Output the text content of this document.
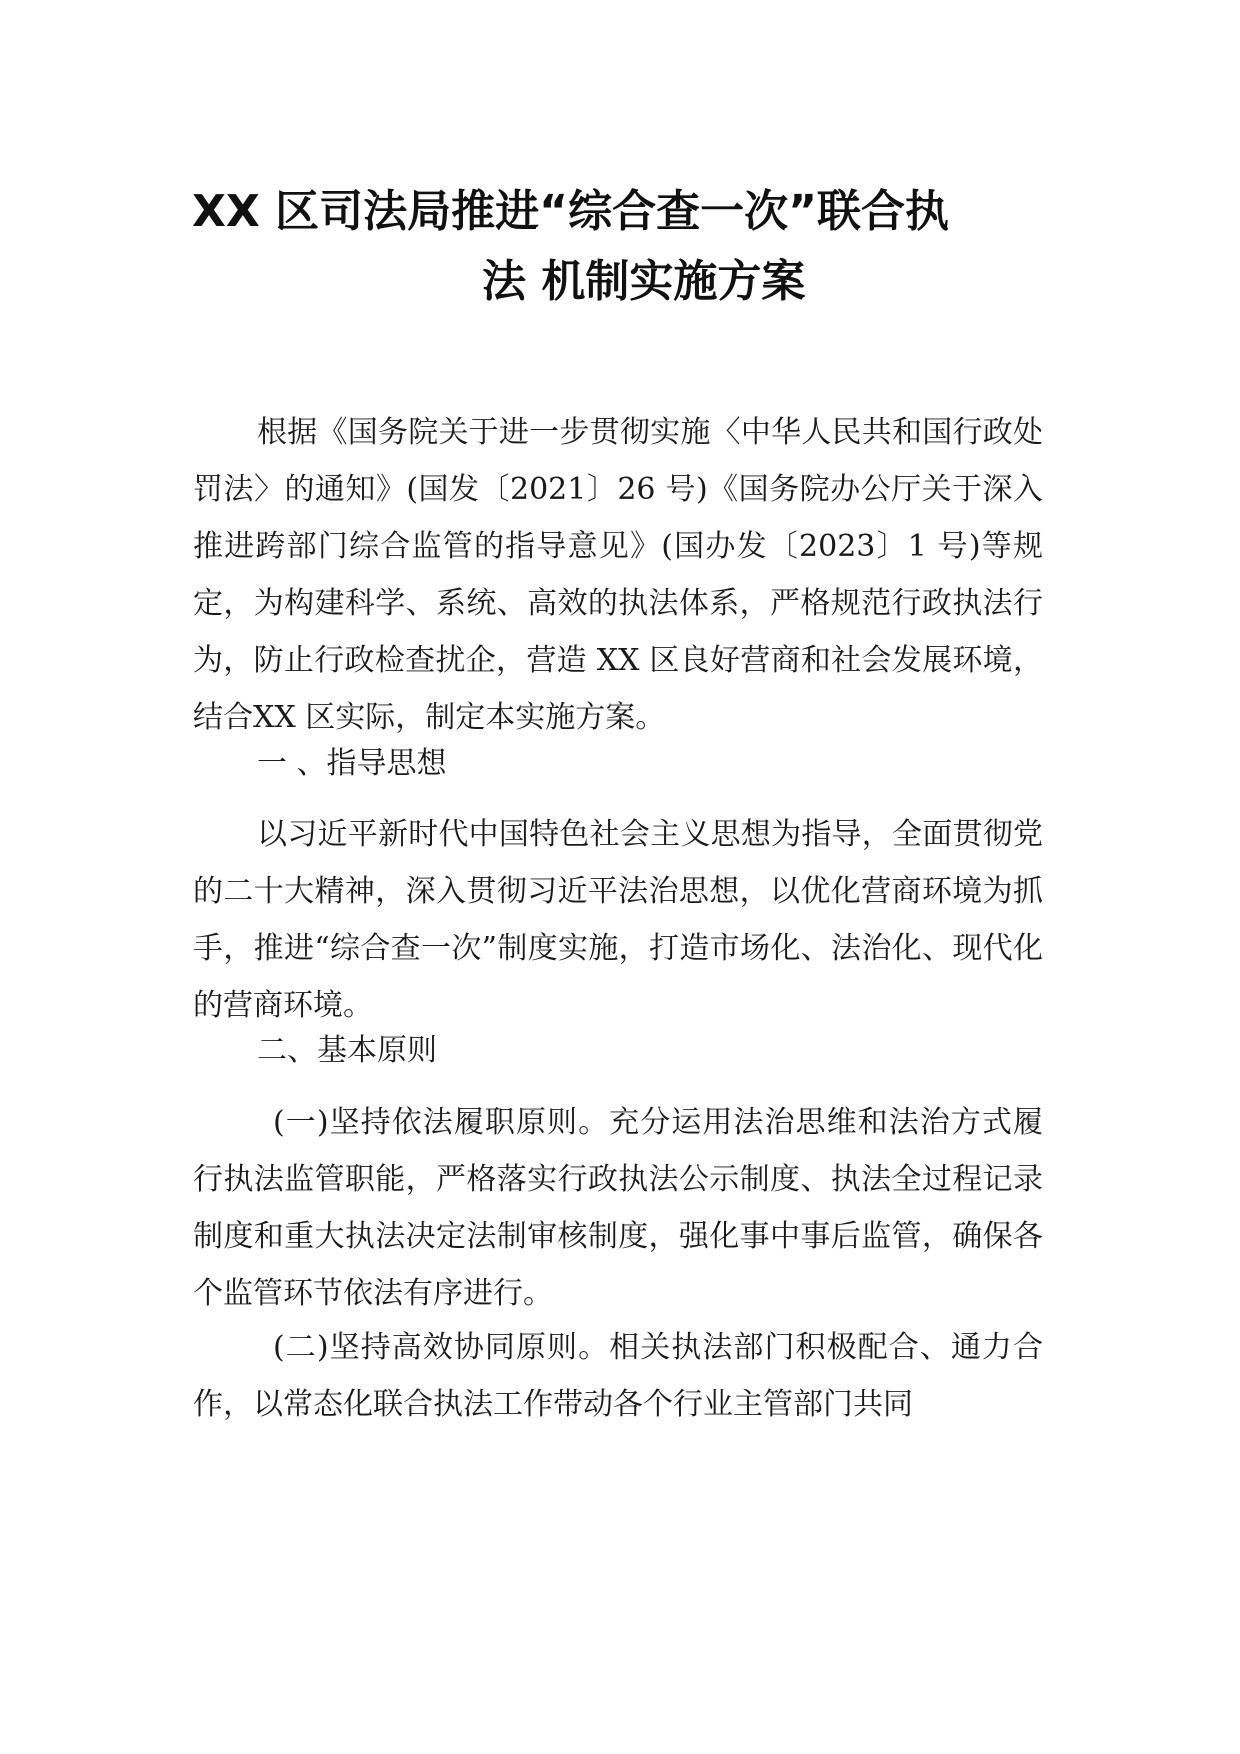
XX 区司法局推进“综合查一次”联合执
法 机制实施方案

根据《国务院关于进一步贯彻实施〈中华人民共和国行政处罚法〉的通知》(国发〔2021〕26 号)《国务院办公厅关于深入推进跨部门综合监管的指导意见》(国办发〔2023〕1 号)等规定，为构建科学、系统、高效的执法体系，严格规范行政执法行为，防止行政检查扰企，营造 XX 区良好营商和社会发展环境，结合XX 区实际，制定本实施方案。

一 、指导思想

以习近平新时代中国特色社会主义思想为指导，全面贯彻党的二十大精神，深入贯彻习近平法治思想，以优化营商环境为抓手，推进“综合查一次”制度实施，打造市场化、法治化、现代化的营商环境。

二、基本原则

(一)坚持依法履职原则。充分运用法治思维和法治方式履行执法监管职能，严格落实行政执法公示制度、执法全过程记录制度和重大执法决定法制审核制度，强化事中事后监管，确保各个监管环节依法有序进行。

(二)坚持高效协同原则。相关执法部门积极配合、通力合作，以常态化联合执法工作带动各个行业主管部门共同
